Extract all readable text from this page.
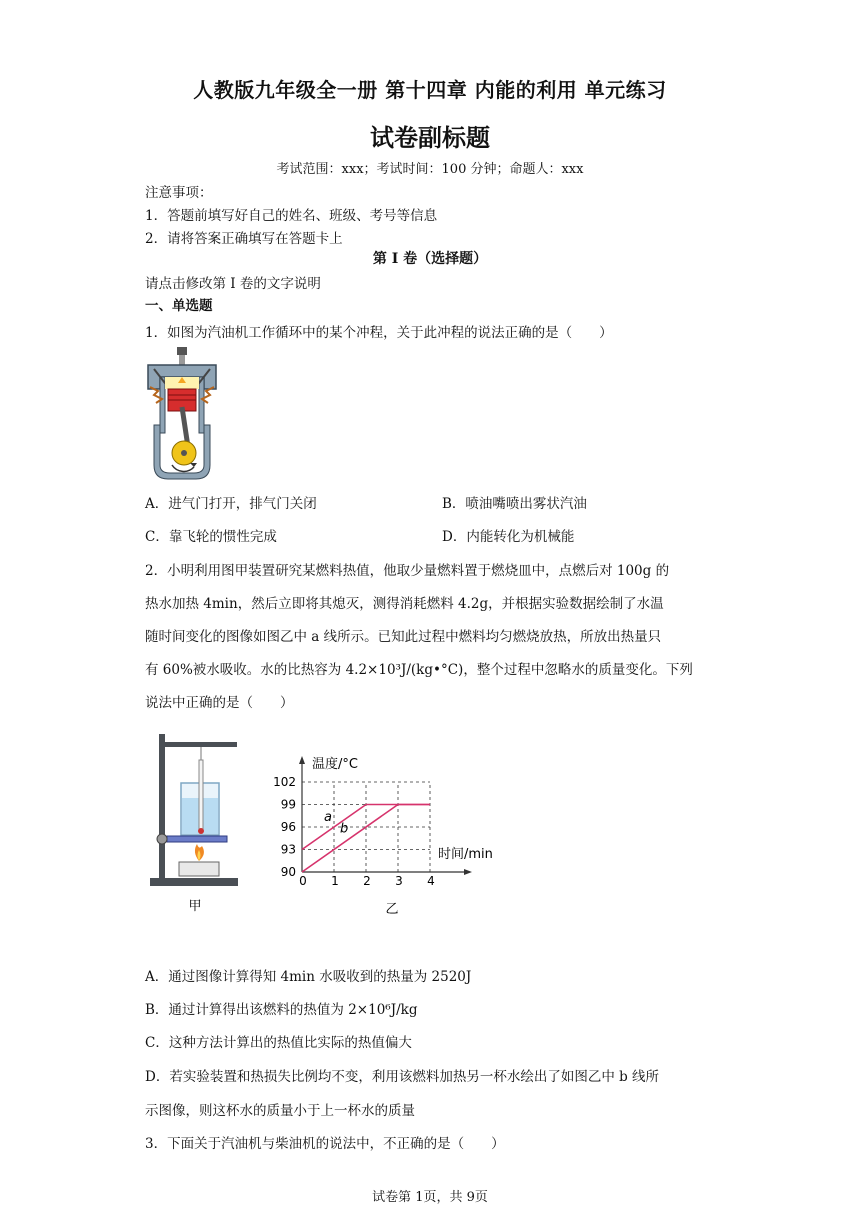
人教版九年级全一册 第十四章 内能的利用 单元练习
试卷副标题
考试范围：xxx；考试时间：100 分钟；命题人：xxx
注意事项：
1．答题前填写好自己的姓名、班级、考号等信息
2．请将答案正确填写在答题卡上
第 I 卷（选择题）
请点击修改第 I 卷的文字说明
一、单选题
1．如图为汽油机工作循环中的某个冲程，关于此冲程的说法正确的是（　　）
A．进气门打开，排气门关闭	B．喷油嘴喷出雾状汽油
C．靠飞轮的惯性完成	D．内能转化为机械能
2．小明利用图甲装置研究某燃料热值，他取少量燃料置于燃烧皿中，点燃后对 100g 的
热水加热 4min，然后立即将其熄灭，测得消耗燃料 4.2g，并根据实验数据绘制了水温
随时间变化的图像如图乙中 a 线所示。已知此过程中燃料均匀燃烧放热，所放出热量只
有 60%被水吸收。水的比热容为 4.2×10³J/(kg•°C)，整个过程中忽略水的质量变化。下列
说法中正确的是（　　）
甲
0 1 2 3 4
90
93
96
99
102
a
b
温度/°C
时间/min
乙
A．通过图像计算得知 4min 水吸收到的热量为 2520J
B．通过计算得出该燃料的热值为 2×10⁶J/kg
C．这种方法计算出的热值比实际的热值偏大
D．若实验装置和热损失比例均不变，利用该燃料加热另一杯水绘出了如图乙中 b 线所
示图像，则这杯水的质量小于上一杯水的质量
3．下面关于汽油机与柴油机的说法中，不正确的是（　　）
试卷第 1页，共 9页
